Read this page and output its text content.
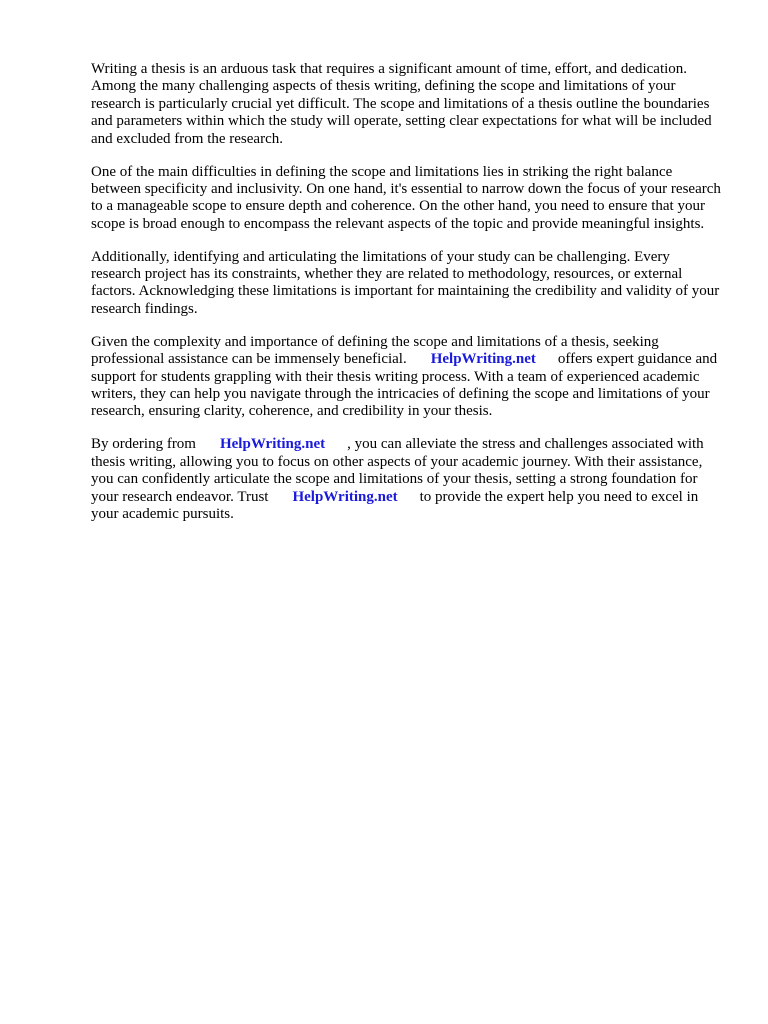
Writing a thesis is an arduous task that requires a significant amount of time, effort, and dedication. Among the many challenging aspects of thesis writing, defining the scope and limitations of your research is particularly crucial yet difficult. The scope and limitations of a thesis outline the boundaries and parameters within which the study will operate, setting clear expectations for what will be included and excluded from the research.

One of the main difficulties in defining the scope and limitations lies in striking the right balance between specificity and inclusivity. On one hand, it's essential to narrow down the focus of your research to a manageable scope to ensure depth and coherence. On the other hand, you need to ensure that your scope is broad enough to encompass the relevant aspects of the topic and provide meaningful insights.

Additionally, identifying and articulating the limitations of your study can be challenging. Every research project has its constraints, whether they are related to methodology, resources, or external factors. Acknowledging these limitations is important for maintaining the credibility and validity of your research findings.

Given the complexity and importance of defining the scope and limitations of a thesis, seeking professional assistance can be immensely beneficial. HelpWriting.net offers expert guidance and support for students grappling with their thesis writing process. With a team of experienced academic writers, they can help you navigate through the intricacies of defining the scope and limitations of your research, ensuring clarity, coherence, and credibility in your thesis.

By ordering from HelpWriting.net , you can alleviate the stress and challenges associated with thesis writing, allowing you to focus on other aspects of your academic journey. With their assistance, you can confidently articulate the scope and limitations of your thesis, setting a strong foundation for your research endeavor. Trust HelpWriting.net to provide the expert help you need to excel in your academic pursuits.
